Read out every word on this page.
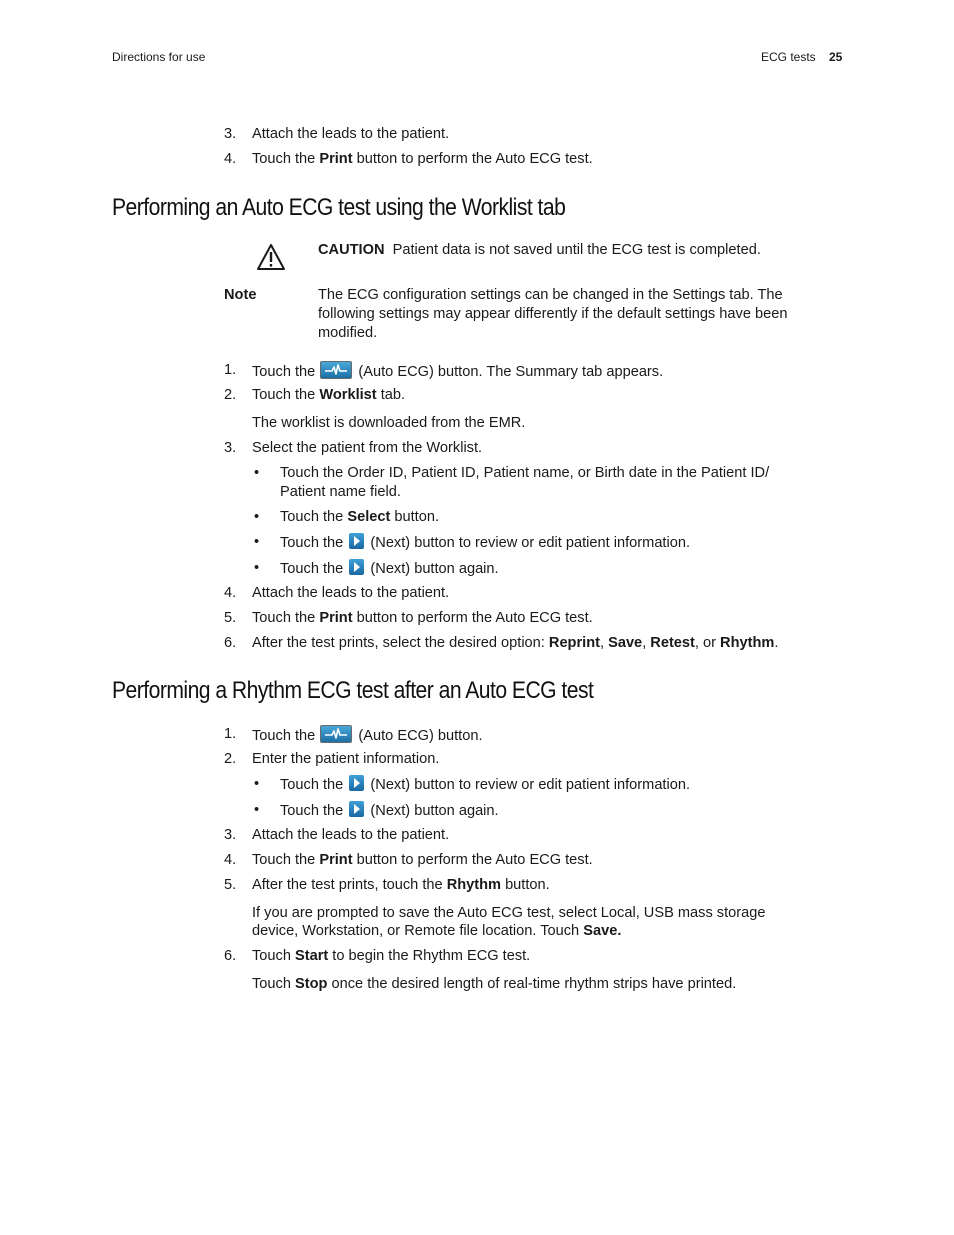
Directions for use	ECG tests 25
3. Attach the leads to the patient.
4. Touch the Print button to perform the Auto ECG test.
Performing an Auto ECG test using the Worklist tab
CAUTION Patient data is not saved until the ECG test is completed.
Note	The ECG configuration settings can be changed in the Settings tab. The following settings may appear differently if the default settings have been modified.
1. Touch the	(Auto ECG) button. The Summary tab appears.
2. Touch the Worklist tab.
The worklist is downloaded from the EMR.
3. Select the patient from the Worklist.
• Touch the Order ID, Patient ID, Patient name, or Birth date in the Patient ID/
Patient name field.
• Touch the Select button.
• Touch the (Next) button to review or edit patient information.
• Touch the (Next) button again.
4. Attach the leads to the patient.
5. Touch the Print button to perform the Auto ECG test.
6. After the test prints, select the desired option: Reprint, Save, Retest, or Rhythm.
Performing a Rhythm ECG test after an Auto ECG test
1. Touch the	(Auto ECG) button.
2. Enter the patient information.
• Touch the (Next) button to review or edit patient information.
• Touch the (Next) button again.
3. Attach the leads to the patient.
4. Touch the Print button to perform the Auto ECG test.
5. After the test prints, touch the Rhythm button.
If you are prompted to save the Auto ECG test, select Local, USB mass storage
device, Workstation, or Remote file location. Touch Save.
6. Touch Start to begin the Rhythm ECG test.
Touch Stop once the desired length of real-time rhythm strips have printed.
